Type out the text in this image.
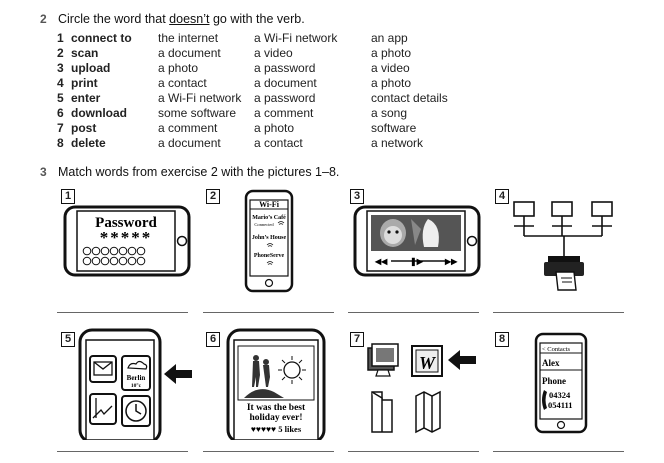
2 Circle the word that doesn’t go with the verb.
1	connect to	the internet	a Wi-Fi network	an app
2	scan	a document	a video	a photo
3	upload	a photo	a password	a video
4	print	a contact	a document	a photo
5	enter	a Wi-Fi network	a password	contact details
6	download	some software	a comment	a song
7	post	a comment	a photo	software
8	delete	a document	a contact	a network
3 Match words from exercise 2 with the pictures 1–8.
1
Password
*****
2
Wi-Fi
Mario’s Café
Connected
John’s House
PhoneServe
3
◀◀	❚▶	▶▶
4
5
Berlin
10°c
6
It was the best
holiday ever!
♥♥♥♥♥ 5 likes
7
W
8
< Contacts
Alex
Phone
04324
054111
